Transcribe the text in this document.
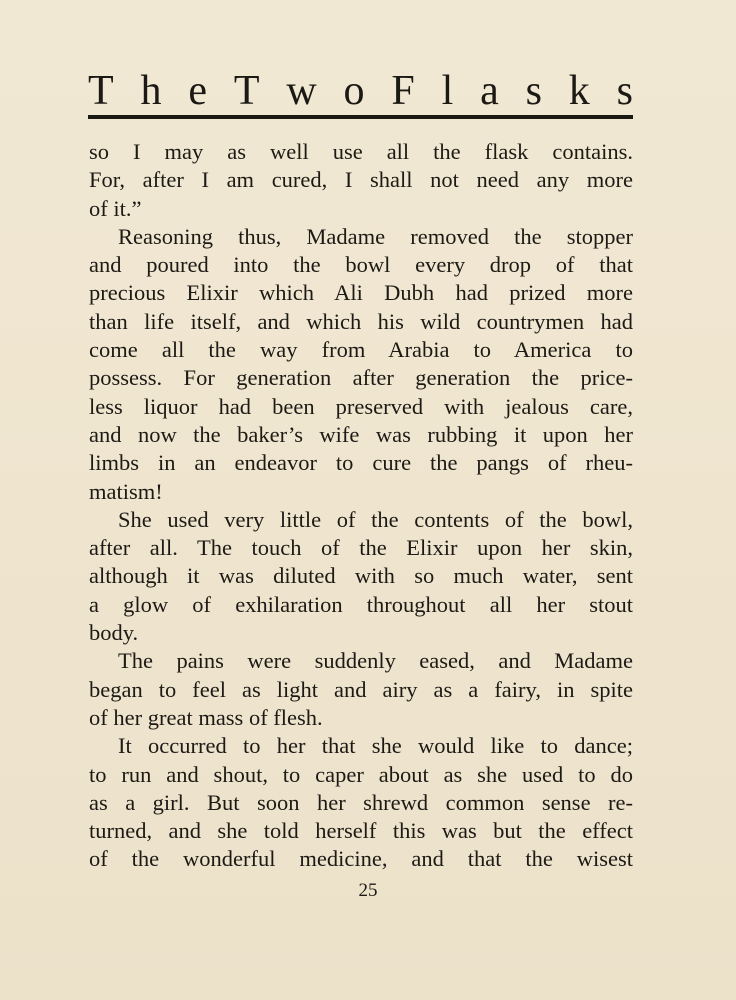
T h e T w o F l a s k s
so I may as well use all the flask contains.
For, after I am cured, I shall not need any more
of it.”
Reasoning thus, Madame removed the stopper
and poured into the bowl every drop of that
precious Elixir which Ali Dubh had prized more
than life itself, and which his wild countrymen had
come all the way from Arabia to America to
possess. For generation after generation the price-
less liquor had been preserved with jealous care,
and now the baker’s wife was rubbing it upon her
limbs in an endeavor to cure the pangs of rheu-
matism!
She used very little of the contents of the bowl,
after all. The touch of the Elixir upon her skin,
although it was diluted with so much water, sent
a glow of exhilaration throughout all her stout
body.
The pains were suddenly eased, and Madame
began to feel as light and airy as a fairy, in spite
of her great mass of flesh.
It occurred to her that she would like to dance;
to run and shout, to caper about as she used to do
as a girl. But soon her shrewd common sense re-
turned, and she told herself this was but the effect
of the wonderful medicine, and that the wisest
25
